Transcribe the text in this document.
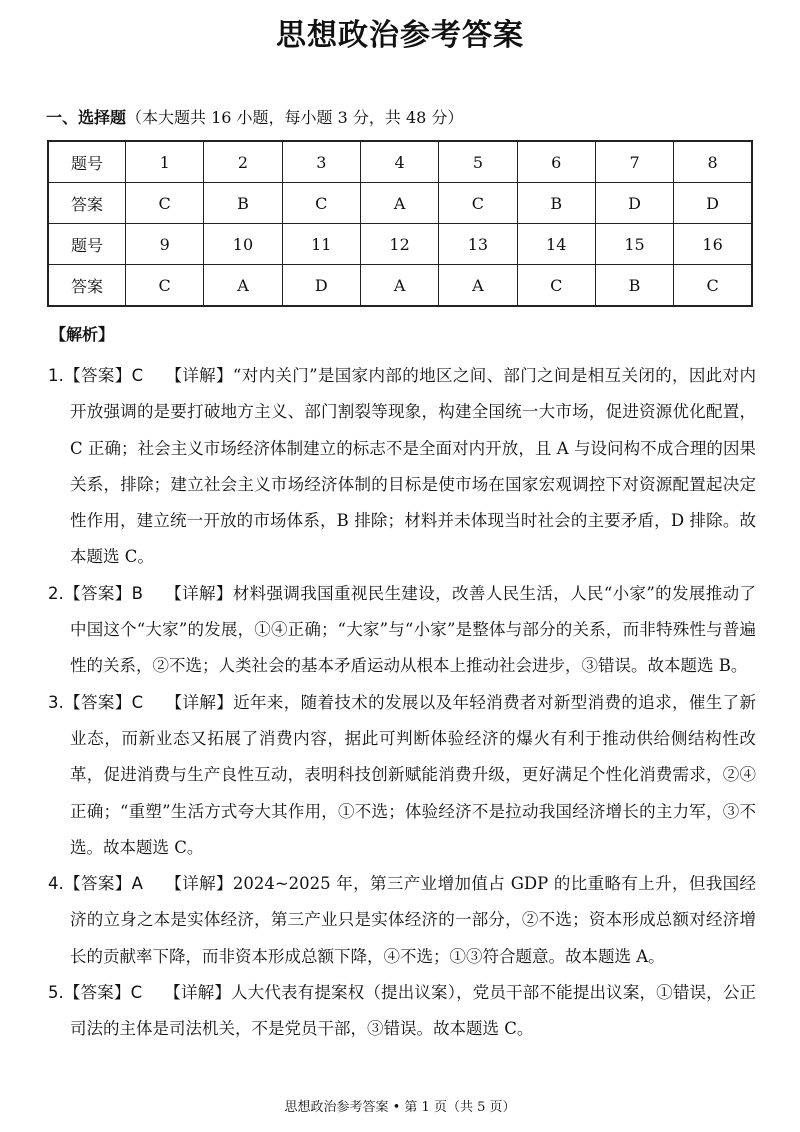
思想政治参考答案
一、选择题（本大题共 16 小题，每小题 3 分，共 48 分）
题号	1	2	3	4	5	6	7	8
答案	C	B	C	A	C	B	D	D
题号	9	10	11	12	13	14	15	16
答案	C	A	D	A	A	C	B	C
【解析】

1.【答案】C 【详解】“对内关门”是国家内部的地区之间、部门之间是相互关闭的，因此对内开放强调的是要打破地方主义、部门割裂等现象，构建全国统一大市场，促进资源优化配置，C 正确；社会主义市场经济体制建立的标志不是全面对内开放，且 A 与设问构不成合理的因果关系，排除；建立社会主义市场经济体制的目标是使市场在国家宏观调控下对资源配置起决定性作用，建立统一开放的市场体系，B 排除；材料并未体现当时社会的主要矛盾，D 排除。故本题选 C。

2.【答案】B 【详解】材料强调我国重视民生建设，改善人民生活，人民“小家”的发展推动了中国这个“大家”的发展，①④正确；“大家”与“小家”是整体与部分的关系，而非特殊性与普遍性的关系，②不选；人类社会的基本矛盾运动从根本上推动社会进步，③错误。故本题选 B。

3.【答案】C 【详解】近年来，随着技术的发展以及年轻消费者对新型消费的追求，催生了新业态，而新业态又拓展了消费内容，据此可判断体验经济的爆火有利于推动供给侧结构性改革，促进消费与生产良性互动，表明科技创新赋能消费升级，更好满足个性化消费需求，②④正确；“重塑”生活方式夸大其作用，①不选；体验经济不是拉动我国经济增长的主力军，③不选。故本题选 C。

4.【答案】A 【详解】2024~2025 年，第三产业增加值占 GDP 的比重略有上升，但我国经济的立身之本是实体经济，第三产业只是实体经济的一部分，②不选；资本形成总额对经济增长的贡献率下降，而非资本形成总额下降，④不选；①③符合题意。故本题选 A。

5.【答案】C 【详解】人大代表有提案权（提出议案），党员干部不能提出议案，①错误，公正司法的主体是司法机关，不是党员干部，③错误。故本题选 C。

思想政治参考答案 • 第 1 页（共 5 页）
